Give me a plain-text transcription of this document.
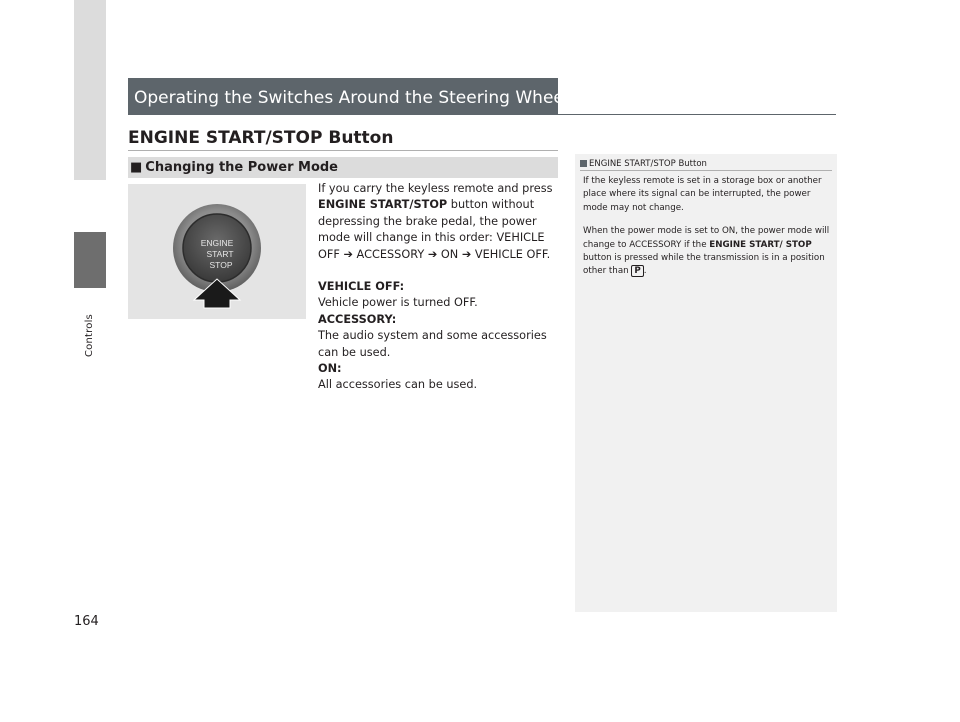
Controls
164
Operating the Switches Around the Steering Wheel
ENGINE START/STOP Button
■ Changing the Power Mode
ENGINE
START
STOP

If you carry the keyless remote and press ENGINE START/STOP button without depressing the brake pedal, the power mode will change in this order: VEHICLE OFF ➔ ACCESSORY ➔ ON ➔ VEHICLE OFF.

VEHICLE OFF:

Vehicle power is turned OFF.

ACCESSORY:

The audio system and some accessories can be used.

ON:

All accessories can be used.

ENGINE START/STOP Button

If the keyless remote is set in a storage box or another place where its signal can be interrupted, the power mode may not change.

When the power mode is set to ON, the power mode will change to ACCESSORY if the ENGINE START/ STOP button is pressed while the transmission is in a position other than P .
